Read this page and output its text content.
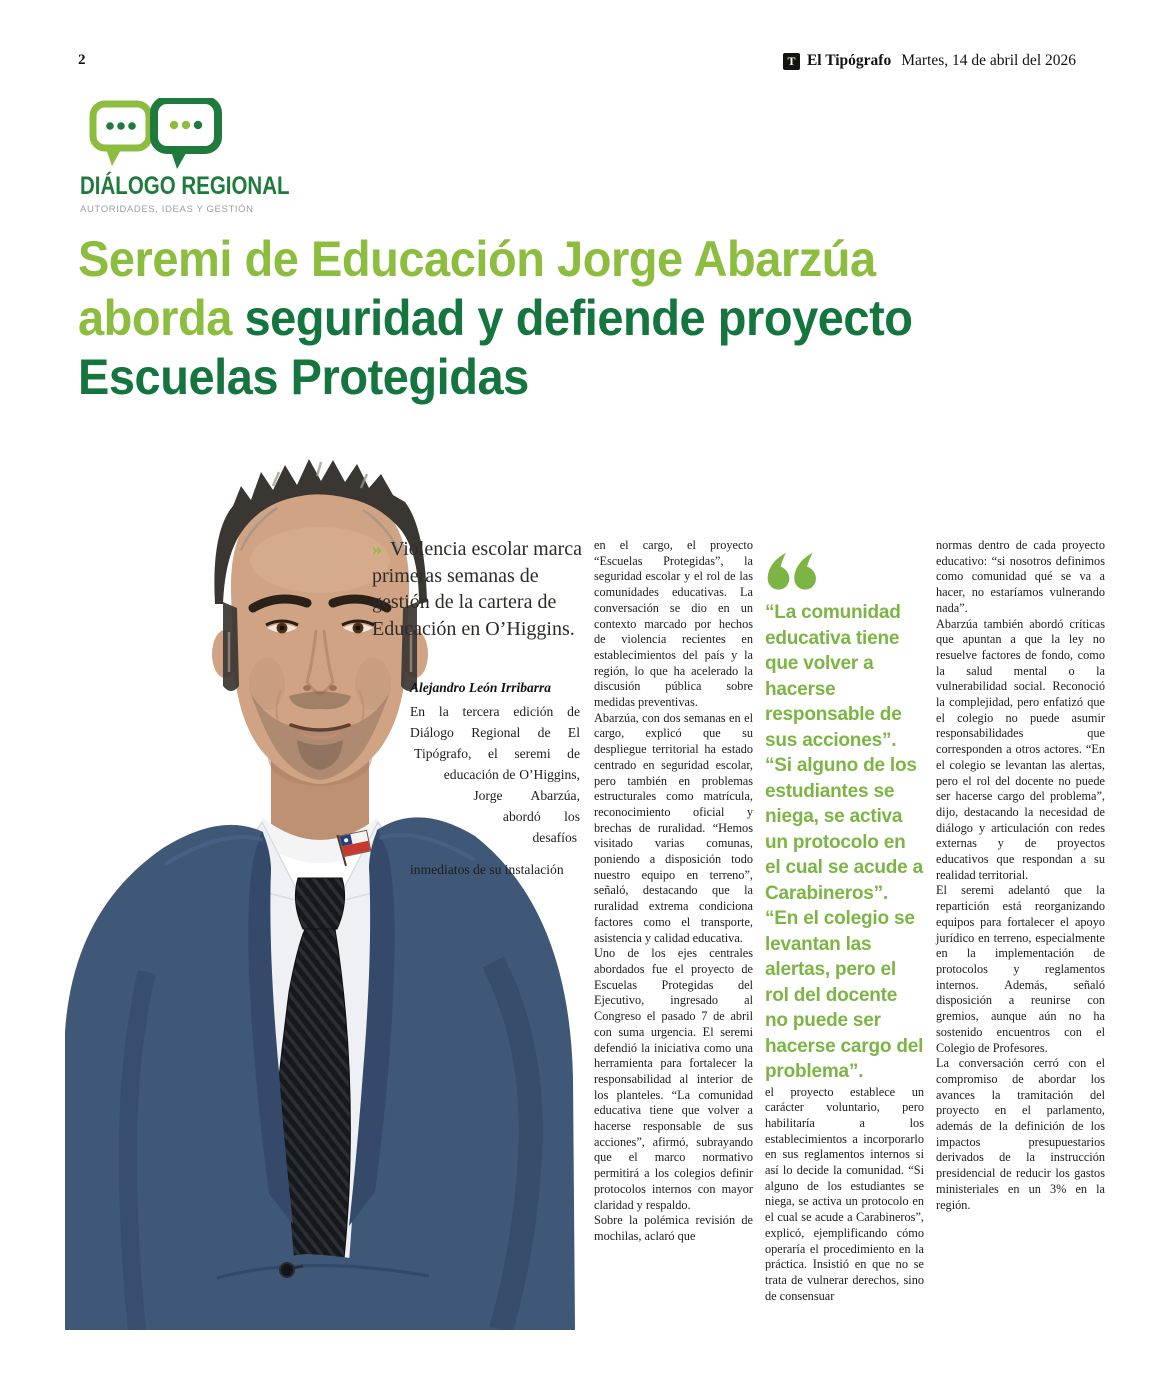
2	T El Tipógrafo Martes, 14 de abril del 2026
DIÁLOGO REGIONAL
AUTORIDADES, IDEAS Y GESTIÓN
Seremi de Educación Jorge Abarzúa
aborda seguridad y defiende proyecto
Escuelas Protegidas
» Violencia escolar marca primeras semanas de gestión de la cartera de Educación en O’Higgins.
Alejandro León Irribarra
En la tercera edición de Diálogo Regional de El Tipógrafo, el seremi de educación de O’Higgins, Jorge Abarzúa, abordó los desafíos inmediatos de su instalación

en el cargo, el proyecto “Escuelas Protegidas”, la seguridad escolar y el rol de las comunidades educativas. La conversación se dio en un contexto marcado por hechos de violencia recientes en establecimientos del país y la región, lo que ha acelerado la discusión pública sobre medidas preventivas.

Abarzúa, con dos semanas en el cargo, explicó que su despliegue territorial ha estado centrado en seguridad escolar, pero también en problemas estructurales como matrícula, reconocimiento oficial y brechas de ruralidad. “Hemos visitado varias comunas, poniendo a disposición todo nuestro equipo en terreno”, señaló, destacando que la ruralidad extrema condiciona factores como el transporte, asistencia y calidad educativa.

Uno de los ejes centrales abordados fue el proyecto de Escuelas Protegidas del Ejecutivo, ingresado al Congreso el pasado 7 de abril con suma urgencia. El seremi defendió la iniciativa como una herramienta para fortalecer la responsabilidad al interior de los planteles. “La comunidad educativa tiene que volver a hacerse responsable de sus acciones”, afirmó, subrayando que el marco normativo permitirá a los colegios definir protocolos internos con mayor claridad y respaldo.

Sobre la polémica revisión de mochilas, aclaró que

“La comunidad educativa tiene que volver a hacerse responsable de sus acciones”.

“Si alguno de los estudiantes se niega, se activa un protocolo en el cual se acude a Carabineros”.

“En el colegio se levantan las alertas, pero el rol del docente no puede ser hacerse cargo del problema”.

el proyecto establece un carácter voluntario, pero habilitaría a los establecimientos a incorporarlo en sus reglamentos internos si así lo decide la comunidad. “Si alguno de los estudiantes se niega, se activa un protocolo en el cual se acude a Carabineros”, explicó, ejemplificando cómo operaría el procedimiento en la práctica. Insistió en que no se trata de vulnerar derechos, sino de consensuar

normas dentro de cada proyecto educativo: “si nosotros definimos como comunidad qué se va a hacer, no estaríamos vulnerando nada”.

Abarzúa también abordó críticas que apuntan a que la ley no resuelve factores de fondo, como la salud mental o la vulnerabilidad social. Reconoció la complejidad, pero enfatizó que el colegio no puede asumir responsabilidades que corresponden a otros actores. “En el colegio se levantan las alertas, pero el rol del docente no puede ser hacerse cargo del problema”, dijo, destacando la necesidad de diálogo y articulación con redes externas y de proyectos educativos que respondan a su realidad territorial.

El seremi adelantó que la repartición está reorganizando equipos para fortalecer el apoyo jurídico en terreno, especialmente en la implementación de protocolos y reglamentos internos. Además, señaló disposición a reunirse con gremios, aunque aún no ha sostenido encuentros con el Colegio de Profesores.

La conversación cerró con el compromiso de abordar los avances la tramitación del proyecto en el parlamento, además de la definición de los impactos presupuestarios derivados de la instrucción presidencial de reducir los gastos ministeriales en un 3% en la región.
